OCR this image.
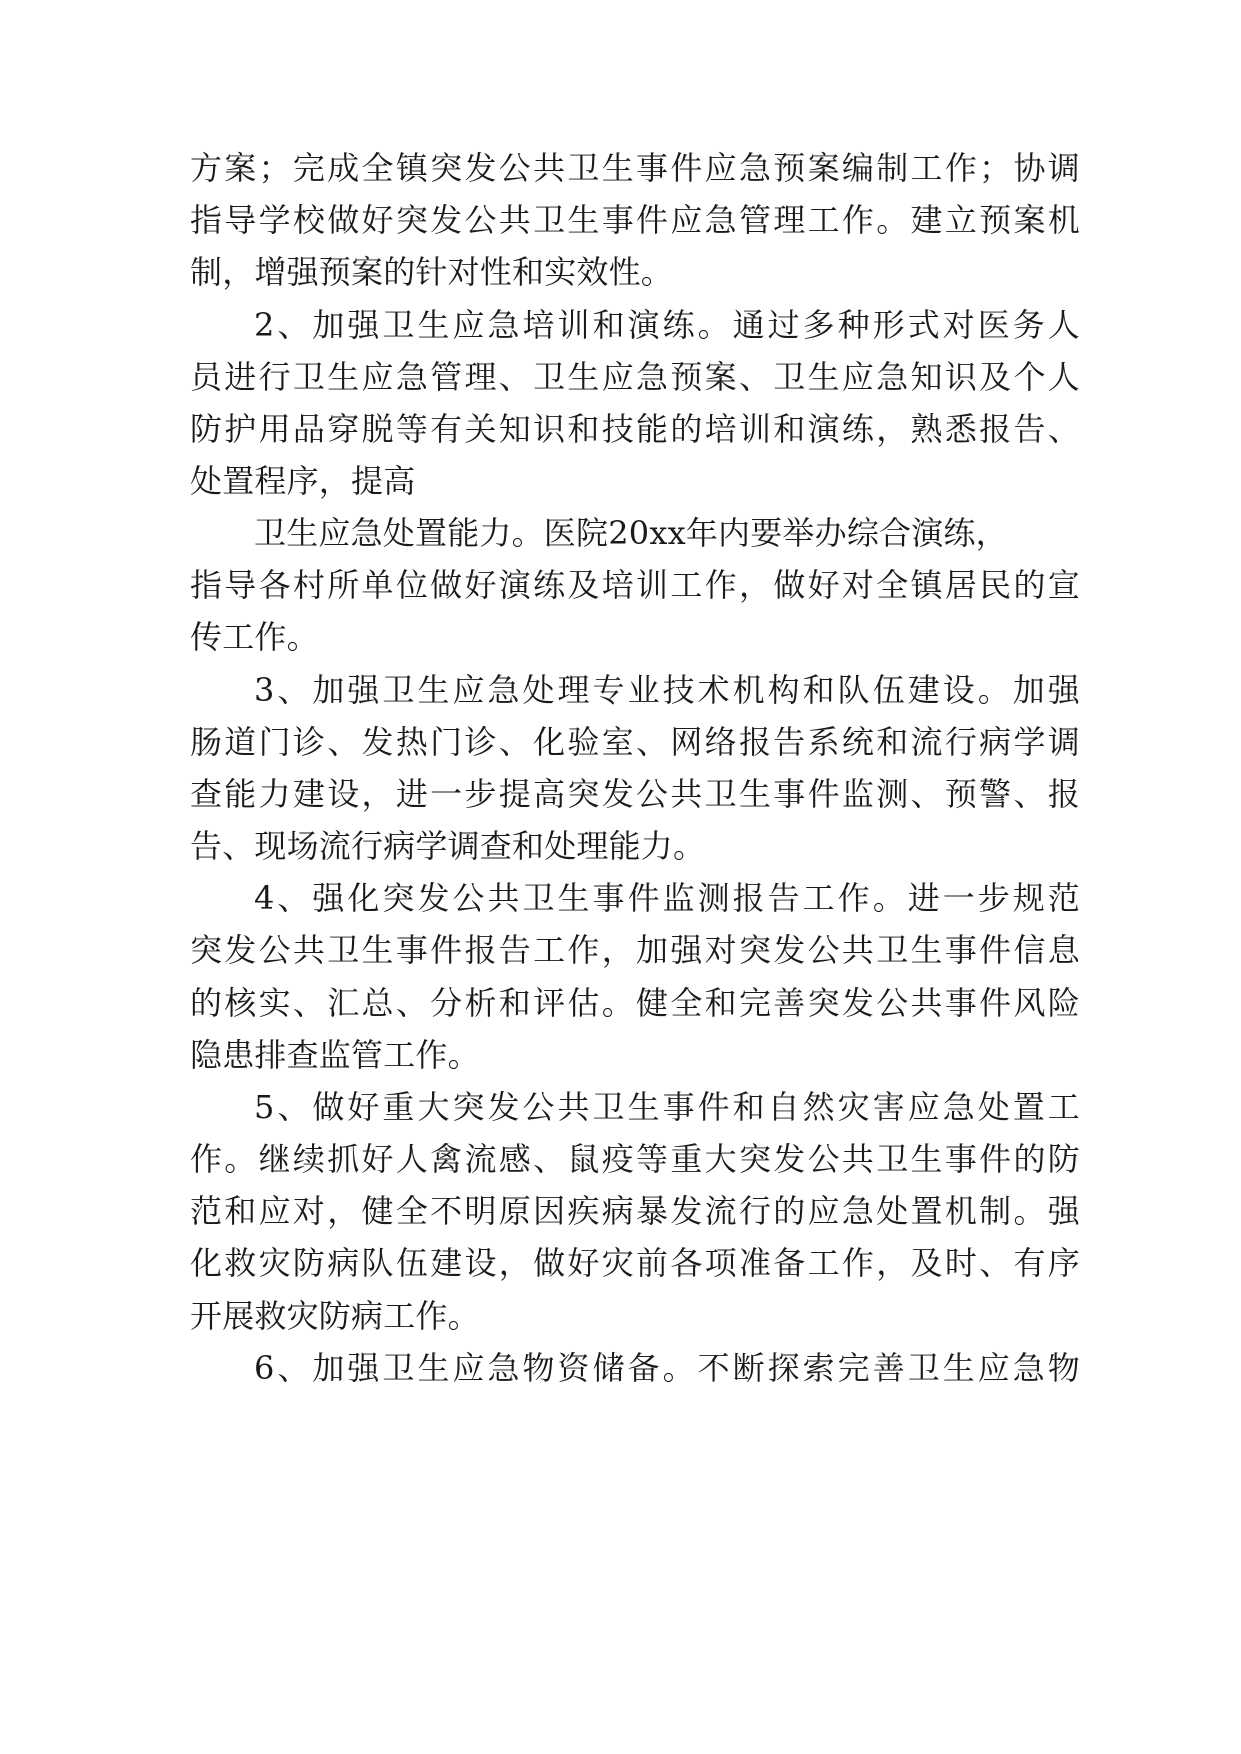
方案；完成全镇突发公共卫生事件应急预案编制工作；协调
指导学校做好突发公共卫生事件应急管理工作。建立预案机
制，增强预案的针对性和实效性。
2、加强卫生应急培训和演练。通过多种形式对医务人
员进行卫生应急管理、卫生应急预案、卫生应急知识及个人
防护用品穿脱等有关知识和技能的培训和演练，熟悉报告、
处置程序，提高
卫生应急处置能力。医院20xx年内要举办综合演练，
指导各村所单位做好演练及培训工作，做好对全镇居民的宣
传工作。
3、加强卫生应急处理专业技术机构和队伍建设。加强
肠道门诊、发热门诊、化验室、网络报告系统和流行病学调
查能力建设，进一步提高突发公共卫生事件监测、预警、报
告、现场流行病学调查和处理能力。
4、强化突发公共卫生事件监测报告工作。进一步规范
突发公共卫生事件报告工作，加强对突发公共卫生事件信息
的核实、汇总、分析和评估。健全和完善突发公共事件风险
隐患排查监管工作。
5、做好重大突发公共卫生事件和自然灾害应急处置工
作。继续抓好人禽流感、鼠疫等重大突发公共卫生事件的防
范和应对，健全不明原因疾病暴发流行的应急处置机制。强
化救灾防病队伍建设，做好灾前各项准备工作，及时、有序
开展救灾防病工作。
6、加强卫生应急物资储备。不断探索完善卫生应急物
